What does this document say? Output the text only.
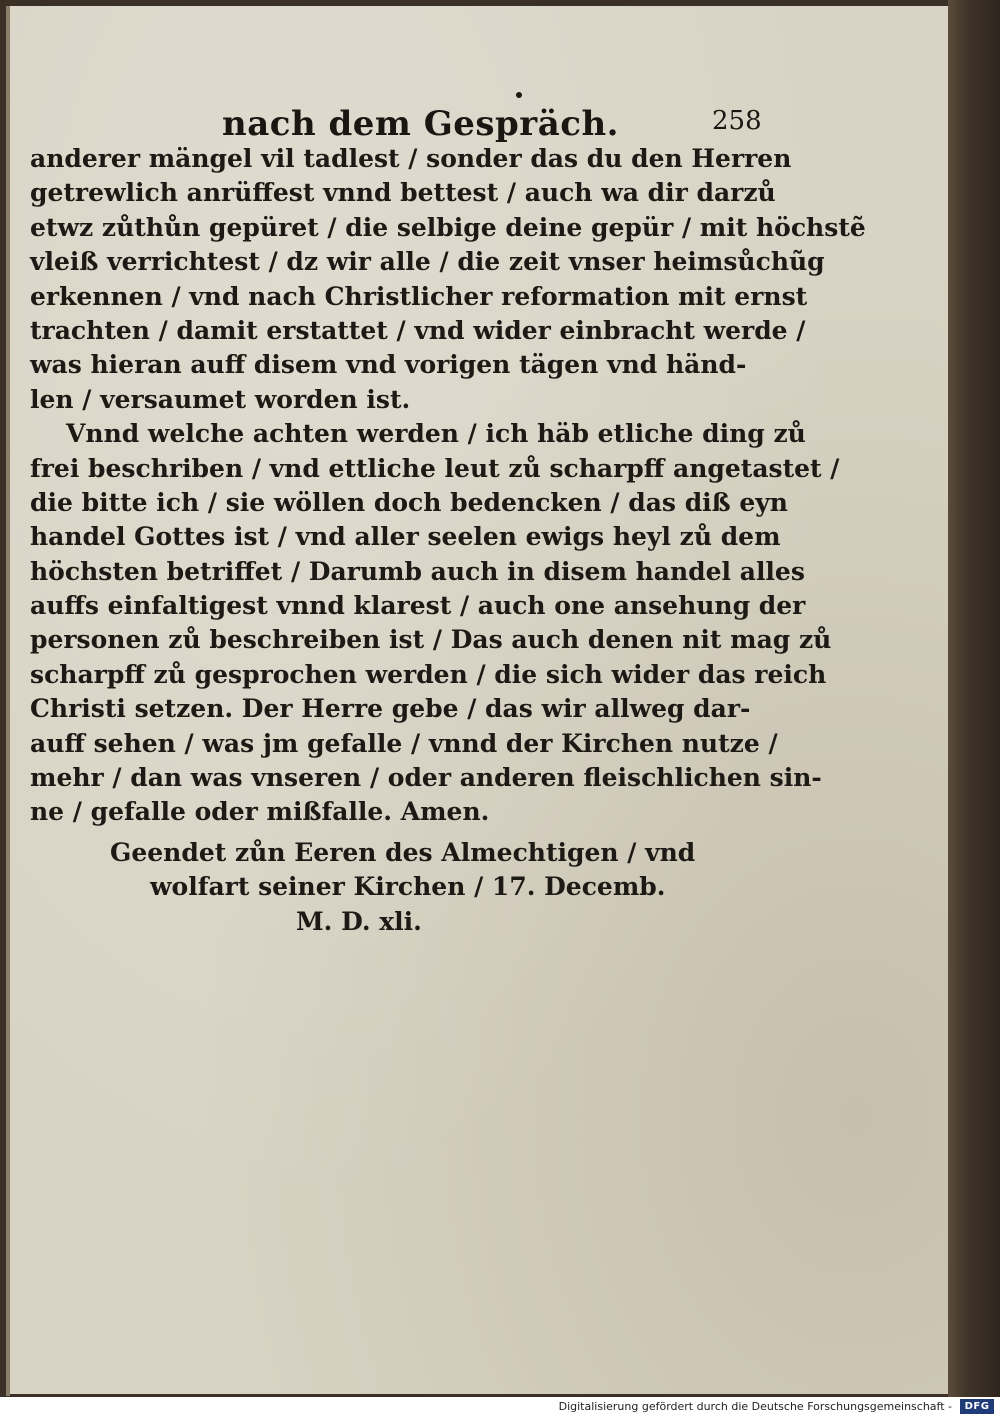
nach dem Gespräch.	258
anderer mängel vil tadlest / sonder das du den Herren
getrewlich anrüffest vnnd bettest / auch wa dir darzů
etwz zůthůn gepüret / die selbige deine gepür / mit höchstẽ
vleiß verrichtest / dz wir alle / die zeit vnser heimsůchũg
erkennen / vnd nach Christlicher reformation mit ernst
trachten / damit erstattet / vnd wider einbracht werde /
was hieran auff disem vnd vorigen tägen vnd händ-
len / versaumet worden ist.
Vnnd welche achten werden / ich häb etliche ding zů
frei beschriben / vnd ettliche leut zů scharpff angetastet /
die bitte ich / sie wöllen doch bedencken / das diß eyn
handel Gottes ist / vnd aller seelen ewigs heyl zů dem
höchsten betriffet / Darumb auch in disem handel alles
auffs einfaltigest vnnd klarest / auch one ansehung der
personen zů beschreiben ist / Das auch denen nit mag zů
scharpff zů gesprochen werden / die sich wider das reich
Christi setzen. Der Herre gebe / das wir allweg dar-
auff sehen / was jm gefalle / vnnd der Kirchen nutze /
mehr / dan was vnseren / oder anderen fleischlichen sin-
ne / gefalle oder mißfalle. Amen.
Geendet zůn Eeren des Almechtigen / vnd
wolfart seiner Kirchen / 17. Decemb.
M. D. xli.
Digitalisierung gefördert durch die Deutsche Forschungsgemeinschaft -	DFG
